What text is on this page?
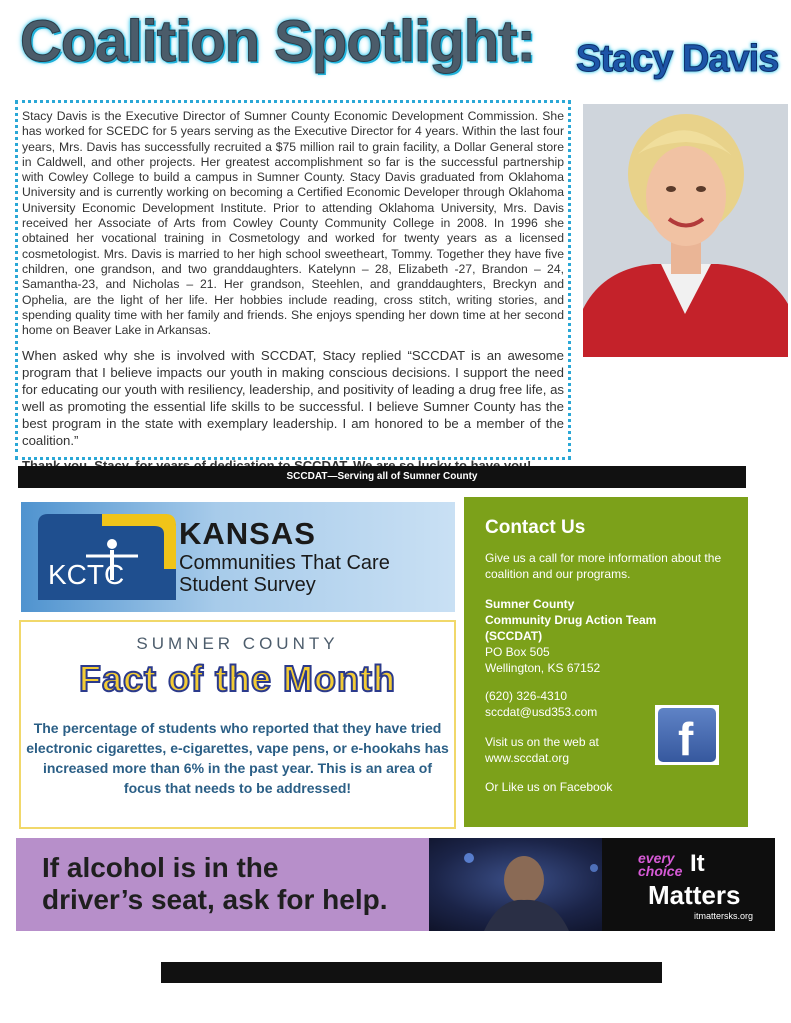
Coalition Spotlight: Stacy Davis

Stacy Davis is the Executive Director of Sumner County Economic Development Commission. She has worked for SCEDC for 5 years serving as the Executive Director for 4 years. Within the last four years, Mrs. Davis has successfully recruited a $75 million rail to grain facility, a Dollar General store in Caldwell, and other projects. Her greatest accomplishment so far is the successful partnership with Cowley College to build a campus in Sumner County. Stacy Davis graduated from Oklahoma University and is currently working on becoming a Certified Economic Developer through Oklahoma University Economic Development Institute. Prior to attending Oklahoma University, Mrs. Davis received her Associate of Arts from Cowley County Community College in 2008. In 1996 she obtained her vocational training in Cosmetology and worked for twenty years as a licensed cosmetologist. Mrs. Davis is married to her high school sweetheart, Tommy. Together they have five children, one grandson, and two granddaughters. Katelynn – 28, Elizabeth -27, Brandon – 24, Samantha-23, and Nicholas – 21. Her grandson, Steehlen, and granddaughters, Breckyn and Ophelia, are the light of her life. Her hobbies include reading, cross stitch, writing stories, and spending quality time with her family and friends. She enjoys spending her down time at her second home on Beaver Lake in Arkansas.

When asked why she is involved with SCCDAT, Stacy replied “SCCDAT is an awesome program that I believe impacts our youth in making conscious decisions. I support the need for educating our youth with resiliency, leadership, and positivity of leading a drug free life, as well as promoting the essential life skills to be successful. I believe Sumner County has the best program in the state with exemplary leadership. I am honored to be a member of the coalition.”

SCCDAT—Serving all of Sumner County
KCTC
KANSAS
Communities That Care
Student Survey
SUMNER COUNTY
Fact of the Month
The percentage of students who reported that they have tried electronic cigarettes, e-cigarettes, vape pens, or e-hookahs has increased more than 6% in the past year. This is an area of focus that needs to be addressed!
Contact Us
Give us a call for more information about the coalition and our programs.
Sumner County
Community Drug Action Team
(SCCDAT)
PO Box 505
Wellington, KS 67152
(620) 326-4310
sccdat@usd353.com
Visit us on the web at
www.sccdat.org
Or Like us on Facebook
f
If alcohol is in the
driver’s seat, ask for help.
every
choice It
Matters
itmattersks.org
